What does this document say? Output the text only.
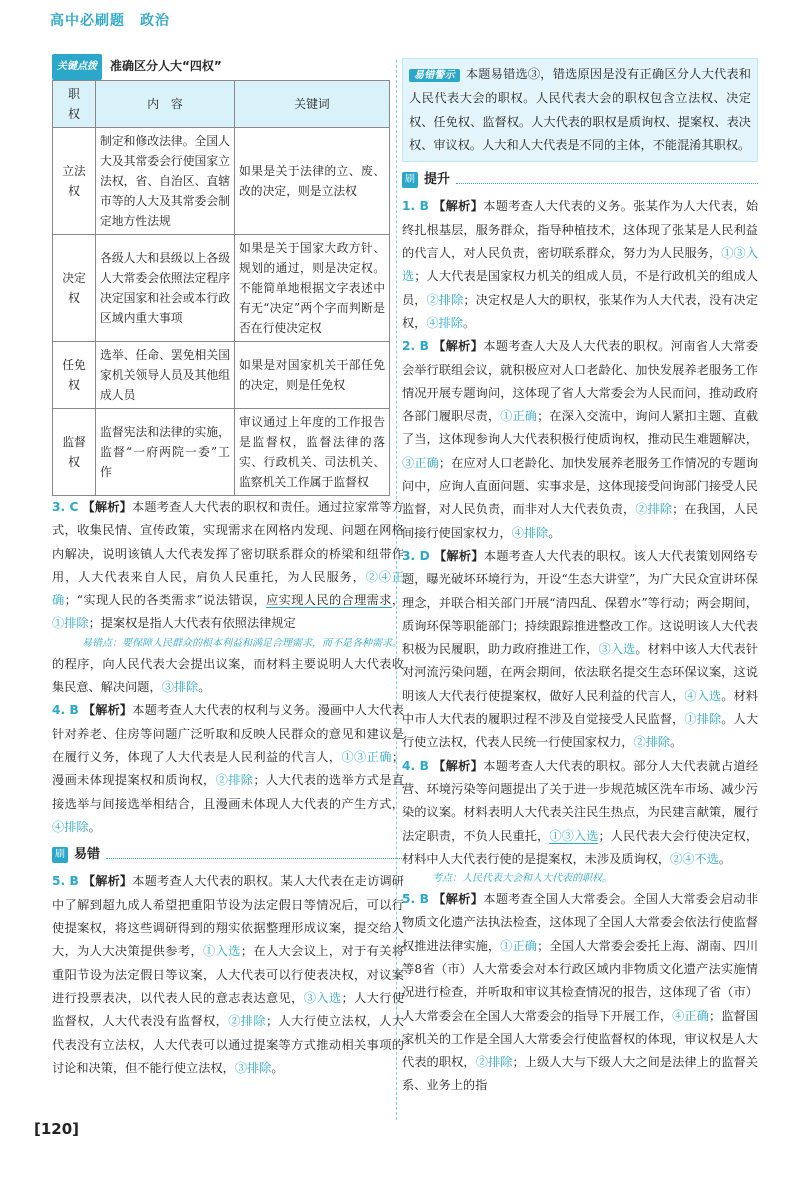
高中必刷题　政治
关键点拨	准确区分人大“四权”
职　权	内　容	关键词
立法权	制定和修改法律。全国人大及其常委会行使国家立法权，省、自治区、直辖市等的人大及其常委会制定地方性法规	如果是关于法律的立、废、改的决定，则是立法权
决定权	各级人大和县级以上各级人大常委会依照法定程序决定国家和社会或本行政区域内重大事项	如果是关于国家大政方针、规划的通过，则是决定权。不能简单地根据文字表述中有无“决定”两个字而判断是否在行使决定权
任免权	选举、任命、罢免相关国家机关领导人员及其他组成人员	如果是对国家机关干部任免的决定，则是任免权
监督权	监督宪法和法律的实施，监督“一府两院一委”工作	审议通过上年度的工作报告是监督权，监督法律的落实、行政机关、司法机关、监察机关工作属于监督权

3. C 【解析】本题考查人大代表的职权和责任。通过拉家常等方式，收集民情、宣传政策，实现需求在网格内发现、问题在网格内解决，说明该镇人大代表发挥了密切联系群众的桥梁和纽带作用，人大代表来自人民，肩负人民重托，为人民服务，②④正确；“实现人民的各类需求”说法错误，应实现人民的合理需求，①排除；提案权是指人大代表有依照法律规定

易错点：要保障人民群众的根本利益和满足合理需求，而不是各种需求。

的程序，向人民代表大会提出议案，而材料主要说明人大代表收集民意、解决问题，③排除。

4. B 【解析】本题考查人大代表的权利与义务。漫画中人大代表针对养老、住房等问题广泛听取和反映人民群众的意见和建议是在履行义务，体现了人大代表是人民利益的代言人，①③正确；漫画未体现提案权和质询权，②排除；人大代表的选举方式是直接选举与间接选举相结合，且漫画未体现人大代表的产生方式，④排除。

刷 易错

5. B 【解析】本题考查人大代表的职权。某人大代表在走访调研中了解到超九成人希望把重阳节设为法定假日等情况后，可以行使提案权，将这些调研得到的翔实依据整理形成议案，提交给人大，为人大决策提供参考，①入选；在人大会议上，对于有关将重阳节设为法定假日等议案，人大代表可以行使表决权，对议案进行投票表决，以代表人民的意志表达意见，③入选；人大行使监督权，人大代表没有监督权，②排除；人大行使立法权，人大代表没有立法权，人大代表可以通过提案等方式推动相关事项的讨论和决策，但不能行使立法权，③排除。

易错警示 本题易错选③，错选原因是没有正确区分人大代表和人民代表大会的职权。人民代表大会的职权包含立法权、决定权、任免权、监督权。人大代表的职权是质询权、提案权、表决权、审议权。人大和人大代表是不同的主体，不能混淆其职权。
刷 提升

1. B 【解析】本题考查人大代表的义务。张某作为人大代表，始终扎根基层，服务群众，指导种植技术，这体现了张某是人民利益的代言人，对人民负责，密切联系群众，努力为人民服务，①③入选；人大代表是国家权力机关的组成人员，不是行政机关的组成人员，②排除；决定权是人大的职权，张某作为人大代表，没有决定权，④排除。

2. B 【解析】本题考查人大及人大代表的职权。河南省人大常委会举行联组会议，就积极应对人口老龄化、加快发展养老服务工作情况开展专题询问，这体现了省人大常委会为人民而问，推动政府各部门履职尽责，①正确；在深入交流中，询问人紧扣主题、直截了当，这体现参询人大代表积极行使质询权，推动民生难题解决，③正确；在应对人口老龄化、加快发展养老服务工作情况的专题询问中，应询人直面问题、实事求是，这体现接受问询部门接受人民监督，对人民负责，而非对人大代表负责，②排除；在我国，人民间接行使国家权力，④排除。

3. D 【解析】本题考查人大代表的职权。该人大代表策划网络专题，曝光破坏环境行为，开设“生态大讲堂”，为广大民众宣讲环保理念，并联合相关部门开展“清四乱、保碧水”等行动；两会期间，质询环保等职能部门；持续跟踪推进整改工作。这说明该人大代表积极为民履职，助力政府推进工作，③入选。材料中该人大代表针对河流污染问题，在两会期间，依法联名提交生态环保议案，这说明该人大代表行使提案权，做好人民利益的代言人，④入选。材料中市人大代表的履职过程不涉及自觉接受人民监督，①排除。人大行使立法权，代表人民统一行使国家权力，②排除。

4. B 【解析】本题考查人大代表的职权。部分人大代表就占道经营、环境污染等问题提出了关于进一步规范城区洗车市场、减少污染的议案。材料表明人大代表关注民生热点，为民建言献策，履行法定职责，不负人民重托，①③入选；人民代表大会行使决定权，材料中人大代表行使的是提案权，未涉及质询权，②④不选。

考点：人民代表大会和人大代表的职权。

5. B 【解析】本题考查全国人大常委会。全国人大常委会启动非物质文化遗产法执法检查，这体现了全国人大常委会依法行使监督权推进法律实施，①正确；全国人大常委会委托上海、湖南、四川等8省（市）人大常委会对本行政区域内非物质文化遗产法实施情况进行检查，并听取和审议其检查情况的报告，这体现了省（市）人大常委会在全国人大常委会的指导下开展工作，④正确；监督国家机关的工作是全国人大常委会行使监督权的体现，审议权是人大代表的职权，②排除；上级人大与下级人大之间是法律上的监督关系、业务上的指

[120]
